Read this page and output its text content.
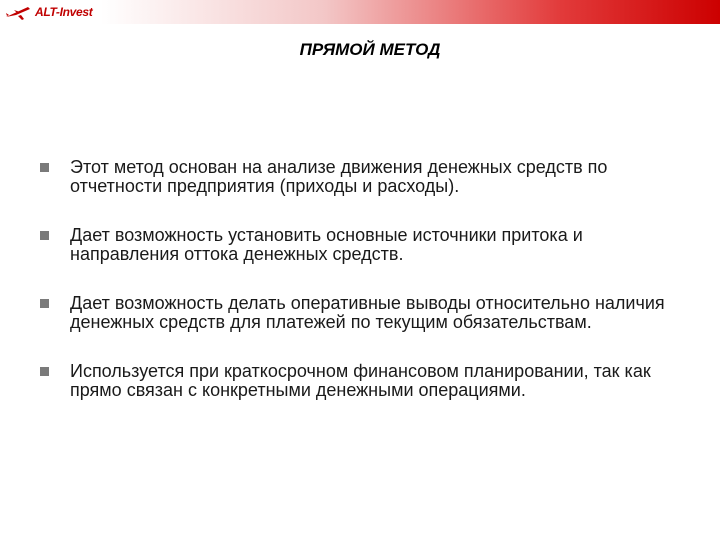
ALT-Invest
ПРЯМОЙ МЕТОД
Этот метод основан на анализе движения денежных средств по отчетности предприятия (приходы и расходы).
Дает возможность установить основные источники притока и направления оттока денежных средств.
Дает возможность делать оперативные выводы относительно наличия денежных средств для платежей по текущим обязательствам.
Используется при краткосрочном финансовом планировании, так как прямо связан с конкретными денежными операциями.
